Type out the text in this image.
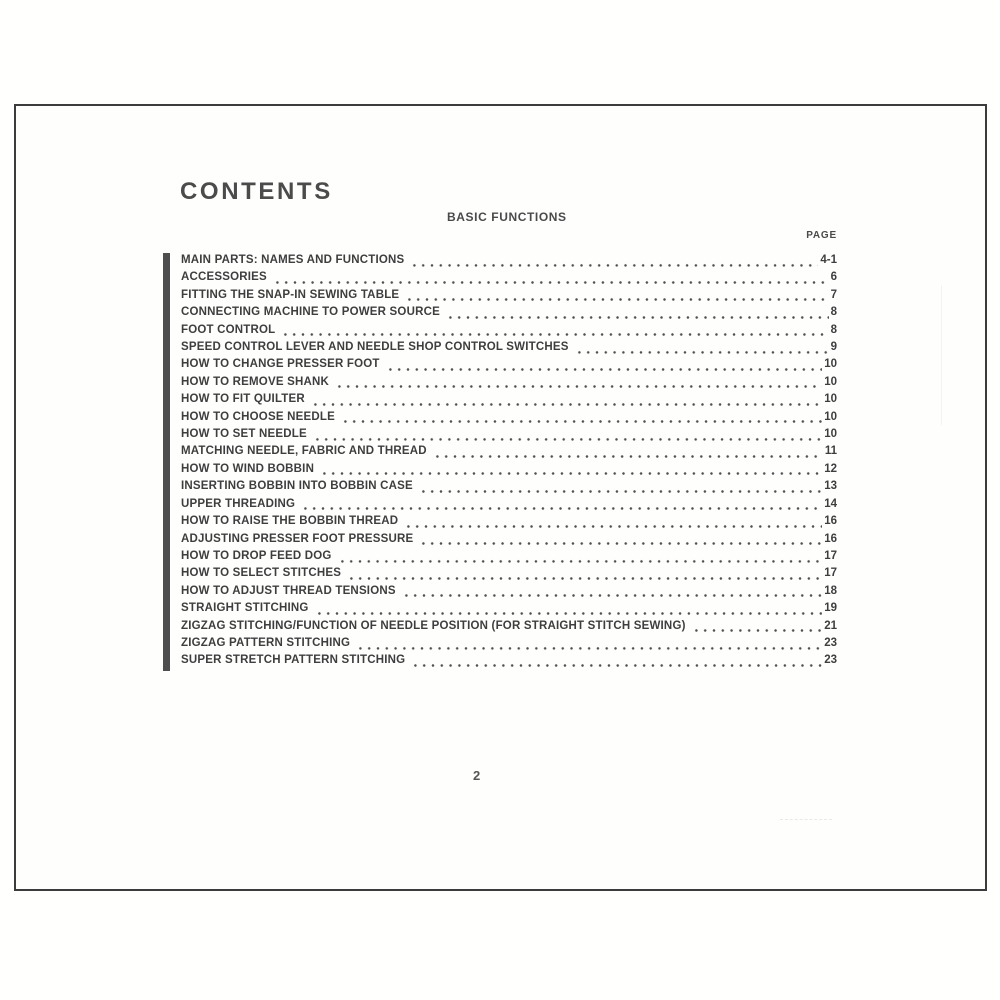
CONTENTS
BASIC FUNCTIONS
PAGE
MAIN PARTS: NAMES AND FUNCTIONS	4-1
ACCESSORIES	6
FITTING THE SNAP-IN SEWING TABLE	7
CONNECTING MACHINE TO POWER SOURCE	8
FOOT CONTROL	8
SPEED CONTROL LEVER AND NEEDLE SHOP CONTROL SWITCHES	9
HOW TO CHANGE PRESSER FOOT	10
HOW TO REMOVE SHANK	10
HOW TO FIT QUILTER	10
HOW TO CHOOSE NEEDLE	10
HOW TO SET NEEDLE	10
MATCHING NEEDLE, FABRIC AND THREAD	11
HOW TO WIND BOBBIN	12
INSERTING BOBBIN INTO BOBBIN CASE	13
UPPER THREADING	14
HOW TO RAISE THE BOBBIN THREAD	16
ADJUSTING PRESSER FOOT PRESSURE	16
HOW TO DROP FEED DOG	17
HOW TO SELECT STITCHES	17
HOW TO ADJUST THREAD TENSIONS	18
STRAIGHT STITCHING	19
ZIGZAG STITCHING/FUNCTION OF NEEDLE POSITION (FOR STRAIGHT STITCH SEWING)	21
ZIGZAG PATTERN STITCHING	23
SUPER STRETCH PATTERN STITCHING	23
2
